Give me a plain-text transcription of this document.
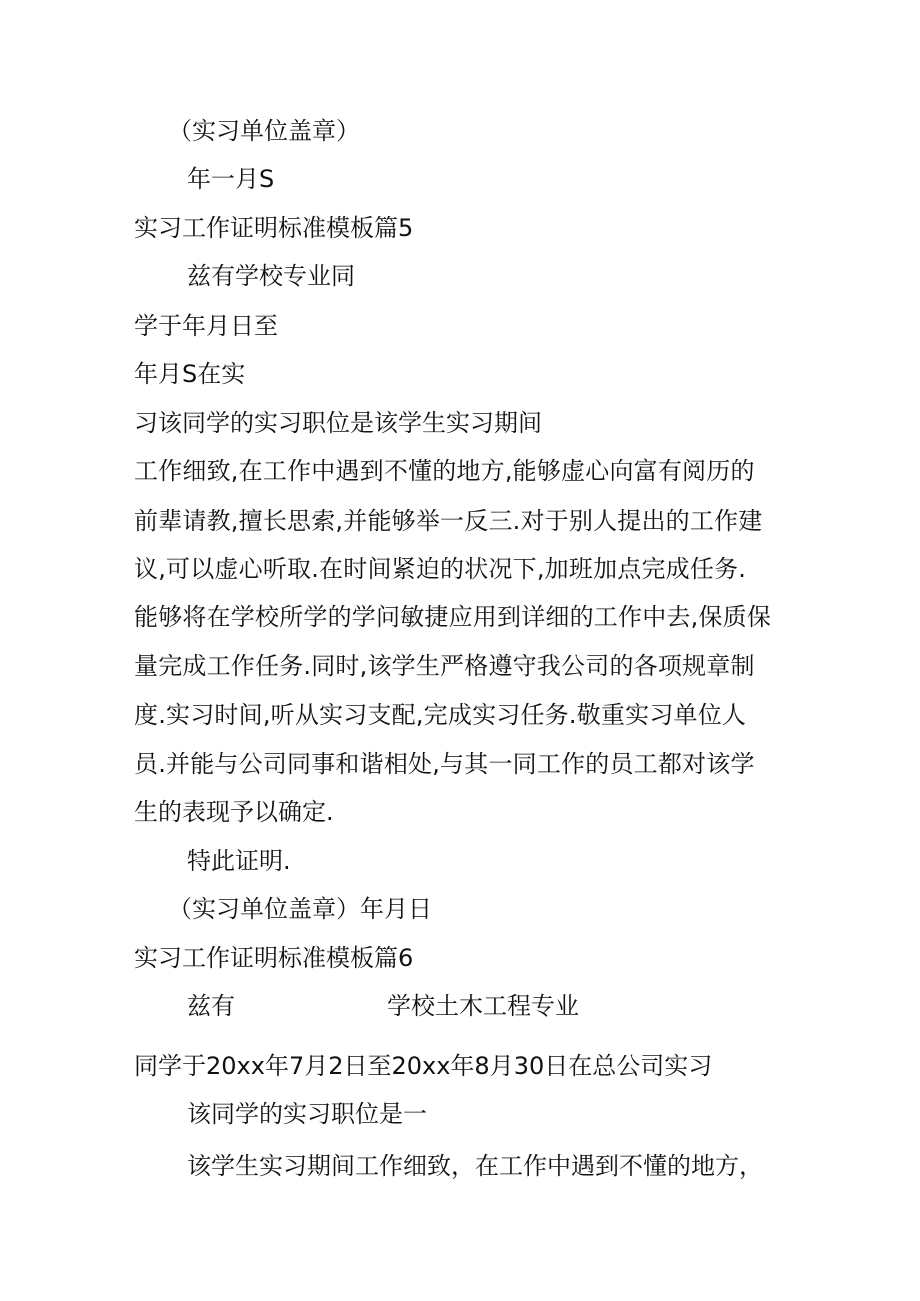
（实习单位盖章）
年一月S
实习工作证明标准模板篇5
兹有学校专业同
学于年月日至
年月S在实
习该同学的实习职位是该学生实习期间
工作细致,在工作中遇到不懂的地方,能够虚心向富有阅历的
前辈请教,擅长思索,并能够举一反三.对于别人提出的工作建
议,可以虚心听取.在时间紧迫的状况下,加班加点完成任务.
能够将在学校所学的学问敏捷应用到详细的工作中去,保质保
量完成工作任务.同时,该学生严格遵守我公司的各项规章制
度.实习时间,听从实习支配,完成实习任务.敬重实习单位人
员.并能与公司同事和谐相处,与其一同工作的员工都对该学
生的表现予以确定.
特此证明.
（实习单位盖章）年月日
实习工作证明标准模板篇6
兹有	学校土木工程专业
同学于20xx年7月2日至20xx年8月30日在总公司实习
该同学的实习职位是一
该学生实习期间工作细致，在工作中遇到不懂的地方，
